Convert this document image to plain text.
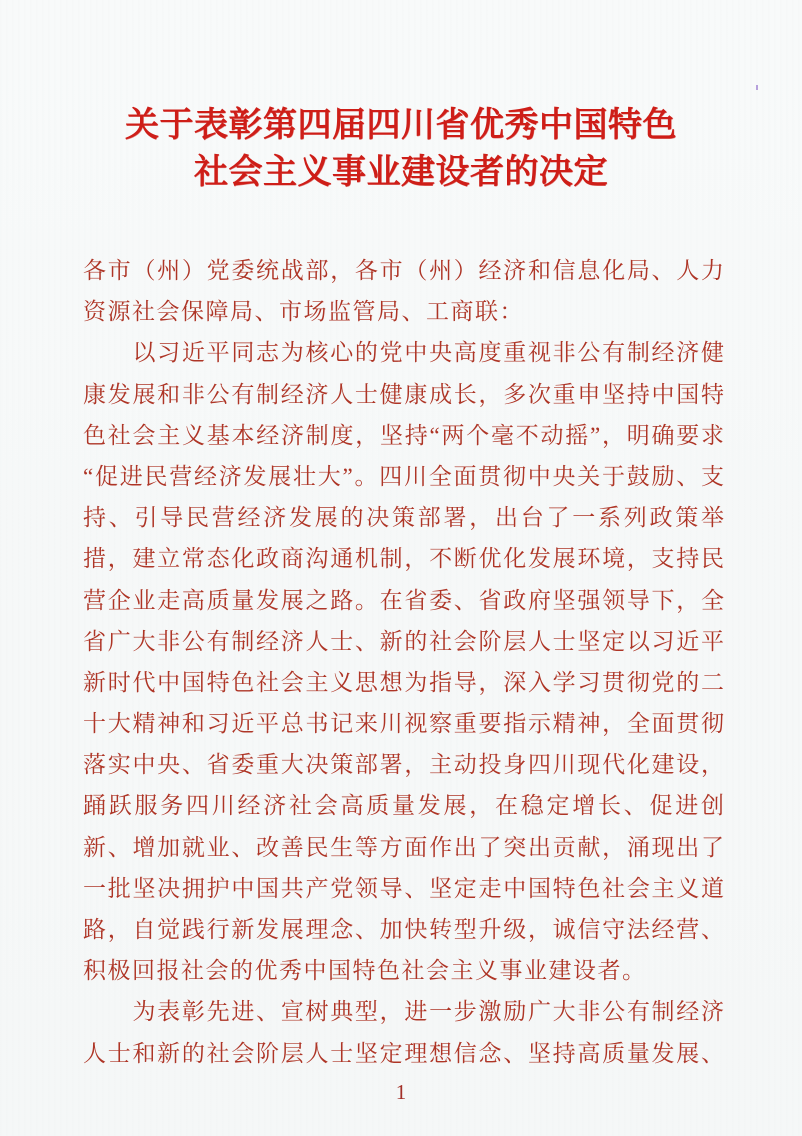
关于表彰第四届四川省优秀中国特色
社会主义事业建设者的决定
各市（州）党委统战部，各市（州）经济和信息化局、人力
资源社会保障局、市场监管局、工商联：
　　以习近平同志为核心的党中央高度重视非公有制经济健
康发展和非公有制经济人士健康成长，多次重申坚持中国特
色社会主义基本经济制度，坚持“两个毫不动摇”，明确要求
“促进民营经济发展壮大”。四川全面贯彻中央关于鼓励、支
持、引导民营经济发展的决策部署，出台了一系列政策举
措，建立常态化政商沟通机制，不断优化发展环境，支持民
营企业走高质量发展之路。在省委、省政府坚强领导下，全
省广大非公有制经济人士、新的社会阶层人士坚定以习近平
新时代中国特色社会主义思想为指导，深入学习贯彻党的二
十大精神和习近平总书记来川视察重要指示精神，全面贯彻
落实中央、省委重大决策部署，主动投身四川现代化建设，
踊跃服务四川经济社会高质量发展，在稳定增长、促进创
新、增加就业、改善民生等方面作出了突出贡献，涌现出了
一批坚决拥护中国共产党领导、坚定走中国特色社会主义道
路，自觉践行新发展理念、加快转型升级，诚信守法经营、
积极回报社会的优秀中国特色社会主义事业建设者。
　　为表彰先进、宣树典型，进一步激励广大非公有制经济
人士和新的社会阶层人士坚定理想信念、坚持高质量发展、
1
